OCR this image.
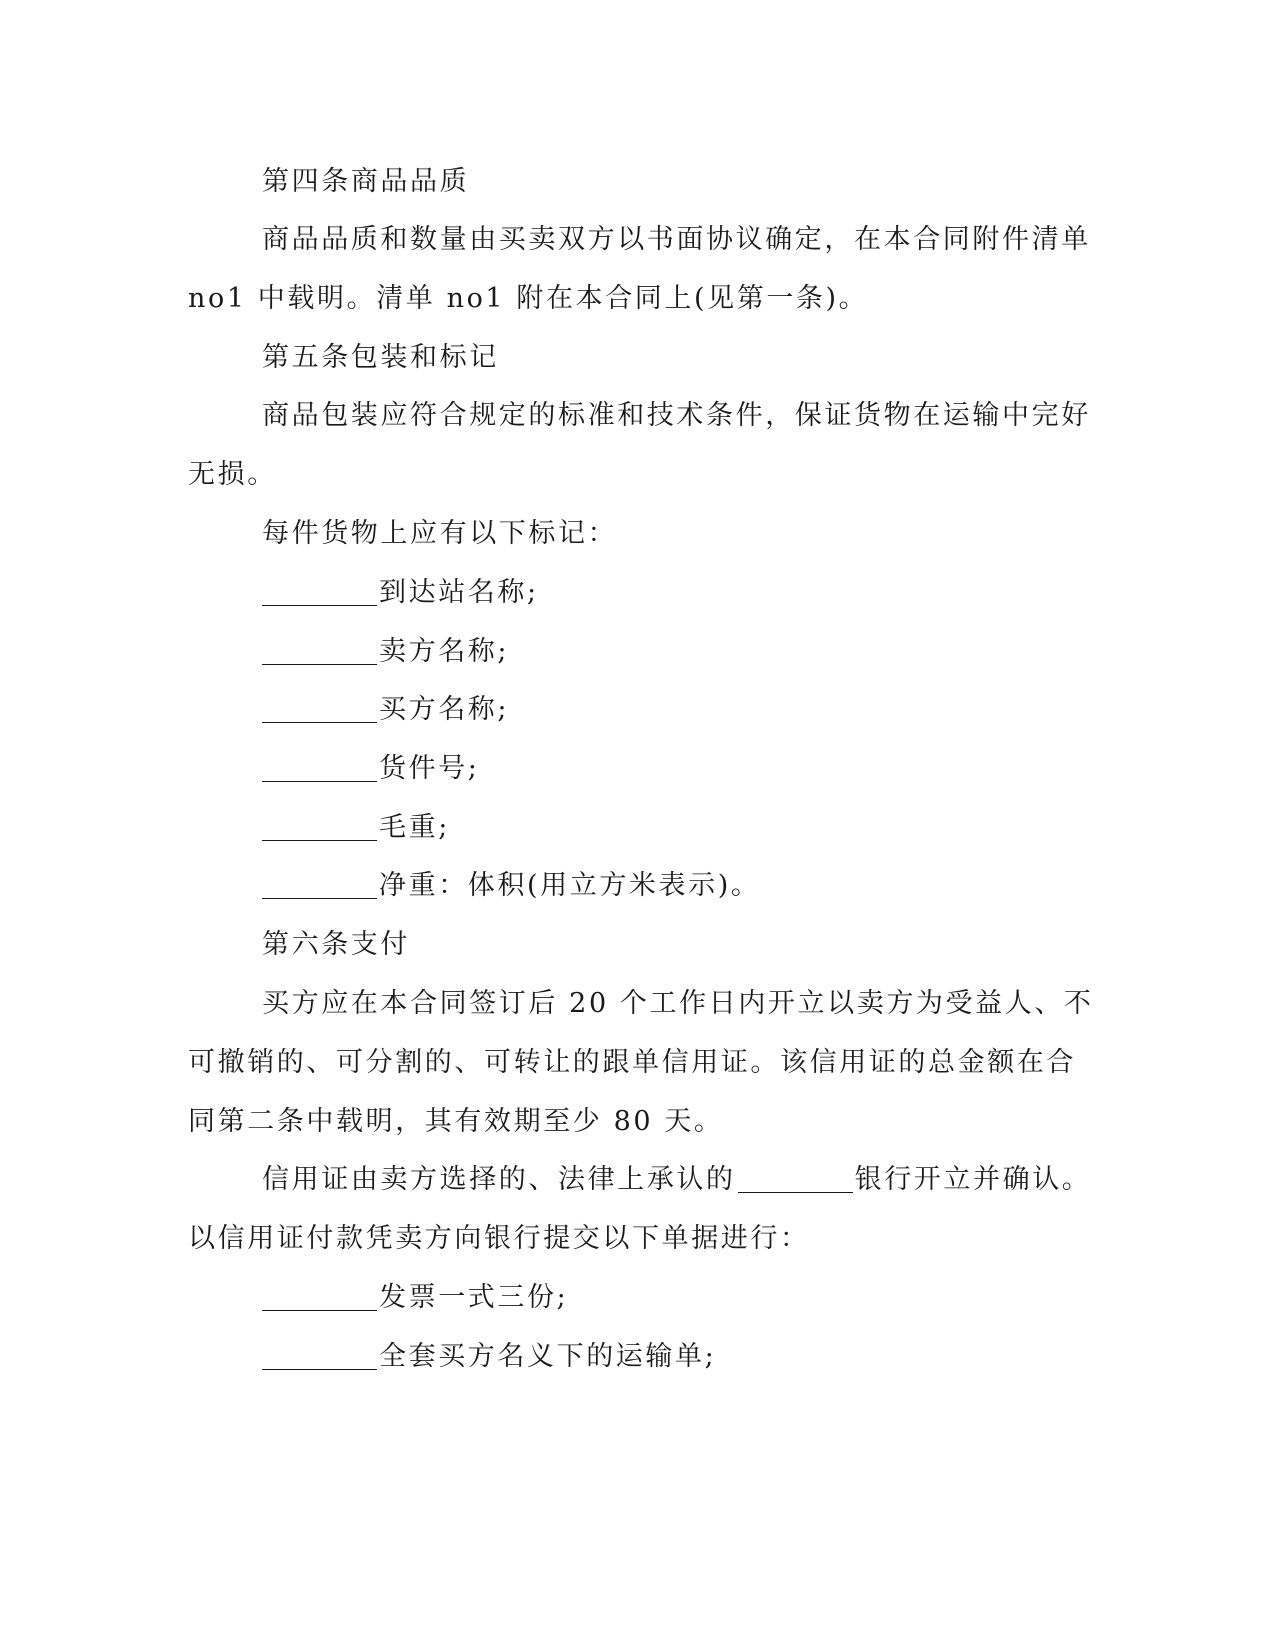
第四条商品品质
商品品质和数量由买卖双方以书面协议确定，在本合同附件清单
no1 中载明。清单 no1 附在本合同上(见第一条)。
第五条包装和标记
商品包装应符合规定的标准和技术条件，保证货物在运输中完好
无损。
每件货物上应有以下标记：
到达站名称;
卖方名称;
买方名称;
货件号;
毛重;
净重：体积(用立方米表示)。
第六条支付
买方应在本合同签订后 20 个工作日内开立以卖方为受益人、不
可撤销的、可分割的、可转让的跟单信用证。该信用证的总金额在合
同第二条中载明，其有效期至少 80 天。
信用证由卖方选择的、法律上承认的	银行开立并确认。
以信用证付款凭卖方向银行提交以下单据进行：
发票一式三份;
全套买方名义下的运输单;
